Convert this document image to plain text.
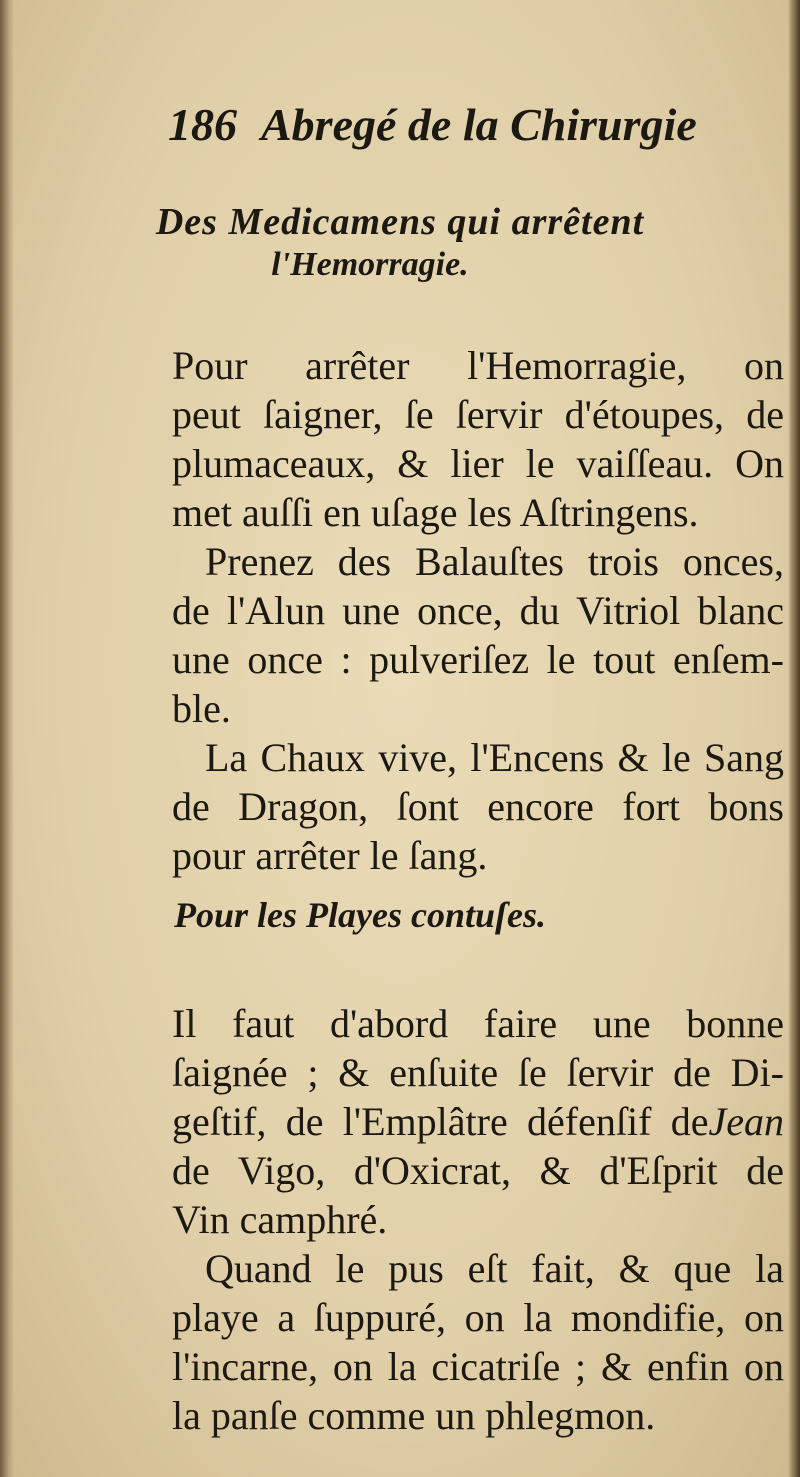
186 Abregé de la Chirurgie
Des Medicamens qui arrêtent
l'Hemorragie.
Pour arrêter l'Hemorragie, on
peut ſaigner, ſe ſervir d'étoupes, de
plumaceaux, & lier le vaiſſeau. On
met auſſi en uſage les Aſtringens.
Prenez des Balauſtes trois onces,
de l'Alun une once, du Vitriol blanc
une once : pulveriſez le tout enſem-
ble.
La Chaux vive, l'Encens & le Sang
de Dragon, ſont encore fort bons
pour arrêter le ſang.
Pour les Playes contuſes.
Il faut d'abord faire une bonne
ſaignée ; & enſuite ſe ſervir de Di-
geſtif, de l'Emplâtre défenſif deJean
de Vigo, d'Oxicrat, & d'Eſprit de
Vin camphré.
Quand le pus eſt fait, & que la
playe a ſuppuré, on la mondifie, on
l'incarne, on la cicatriſe ; & enfin on
la panſe comme un phlegmon.
